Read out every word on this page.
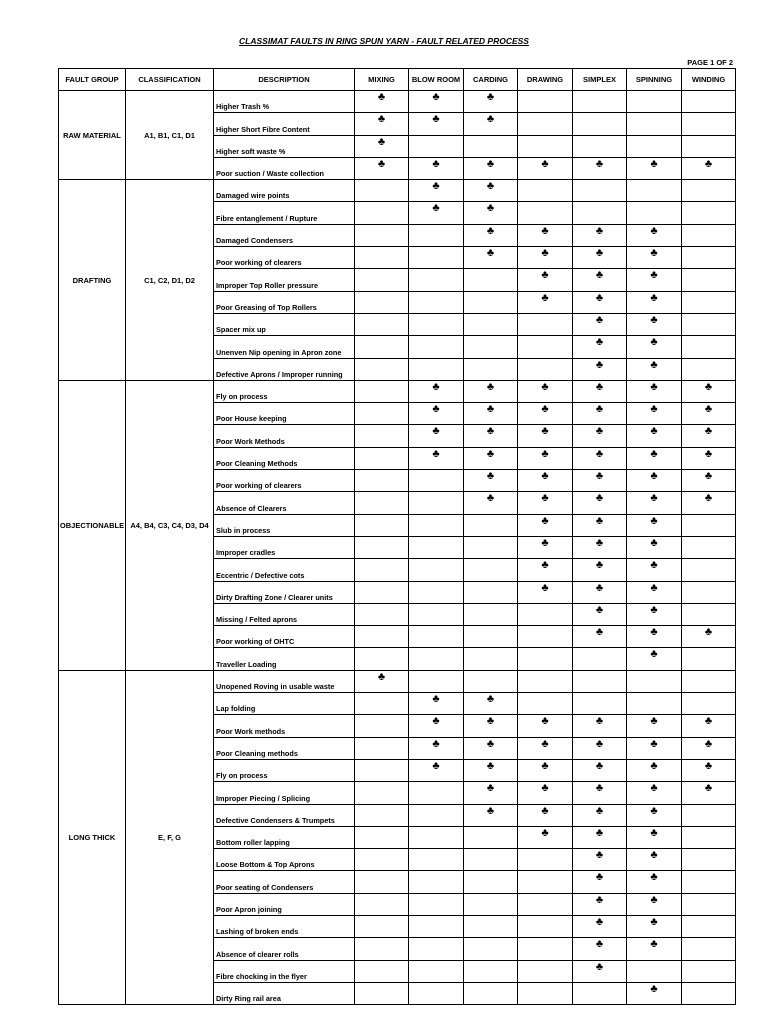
CLASSIMAT FAULTS IN RING SPUN YARN - FAULT RELATED PROCESS
PAGE 1 OF 2
FAULT GROUP	CLASSIFICATION	DESCRIPTION	MIXING	BLOW ROOM	CARDING	DRAWING	SIMPLEX	SPINNING	WINDING
RAW MATERIAL	A1, B1, C1, D1	Higher Trash %	♣	♣	♣				
		Higher Short Fibre Content	♣	♣	♣				
		Higher soft waste %	♣						
		Poor suction / Waste collection	♣	♣	♣	♣	♣	♣	♣
DRAFTING	C1, C2, D1, D2	Damaged wire points		♣	♣				
		Fibre entanglement / Rupture		♣	♣				
		Damaged Condensers			♣	♣	♣	♣	
		Poor working of clearers			♣	♣	♣	♣	
		Improper Top Roller pressure				♣	♣	♣	
		Poor Greasing of Top Rollers				♣	♣	♣	
		Spacer mix up					♣	♣	
		Unenven Nip opening in Apron zone					♣	♣	
		Defective Aprons / Improper running					♣	♣	
OBJECTIONABLE	A4, B4, C3, C4, D3, D4	Fly on process		♣	♣	♣	♣	♣	♣
		Poor House keeping		♣	♣	♣	♣	♣	♣
		Poor Work Methods		♣	♣	♣	♣	♣	♣
		Poor Cleaning Methods		♣	♣	♣	♣	♣	♣
		Poor working of clearers			♣	♣	♣	♣	♣
		Absence of Clearers			♣	♣	♣	♣	♣
		Slub in process				♣	♣	♣	
		Improper cradles				♣	♣	♣	
		Eccentric / Defective cots				♣	♣	♣	
		Dirty Drafting Zone / Clearer units				♣	♣	♣	
		Missing / Felted aprons					♣	♣	
		Poor working of OHTC					♣	♣	♣
		Traveller Loading						♣	
LONG THICK	E, F, G	Unopened Roving in usable waste	♣						
		Lap folding		♣	♣				
		Poor Work methods		♣	♣	♣	♣	♣	♣
		Poor Cleaning methods		♣	♣	♣	♣	♣	♣
		Fly on process		♣	♣	♣	♣	♣	♣
		Improper Piecing / Splicing			♣	♣	♣	♣	♣
		Defective Condensers & Trumpets			♣	♣	♣	♣	
		Bottom roller lapping				♣	♣	♣	
		Loose Bottom & Top Aprons					♣	♣	
		Poor seating of Condensers					♣	♣	
		Poor Apron joining					♣	♣	
		Lashing of broken ends					♣	♣	
		Absence of clearer rolls					♣	♣	
		Fibre chocking in the flyer					♣		
		Dirty Ring rail area						♣	
